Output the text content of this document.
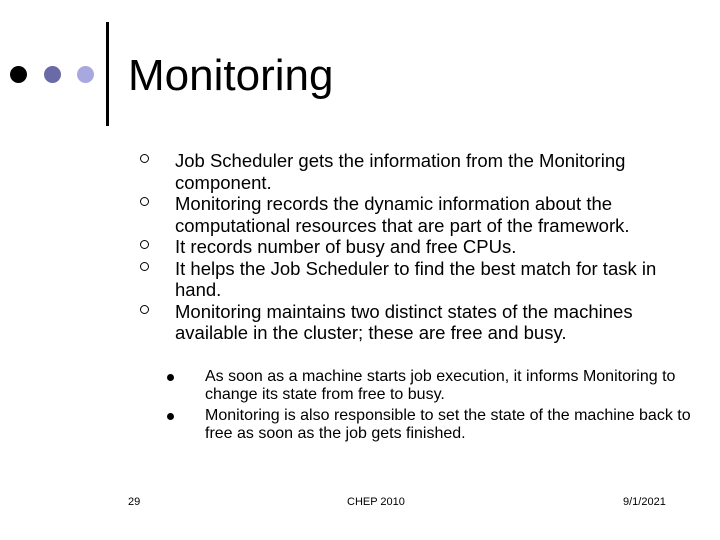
Monitoring
Job Scheduler gets the information from the Monitoring component.
Monitoring records the dynamic information about the computational resources that are part of the framework.
It records number of busy and free CPUs.
It helps the Job Scheduler to find the best match for task in hand.
Monitoring maintains two distinct states of the machines available in the cluster; these are free and busy.
As soon as a machine starts job execution, it informs Monitoring to change its state from free to busy.
Monitoring is also responsible to set the state of the machine back to free as soon as the job gets finished.
29	CHEP 2010	9/1/2021
